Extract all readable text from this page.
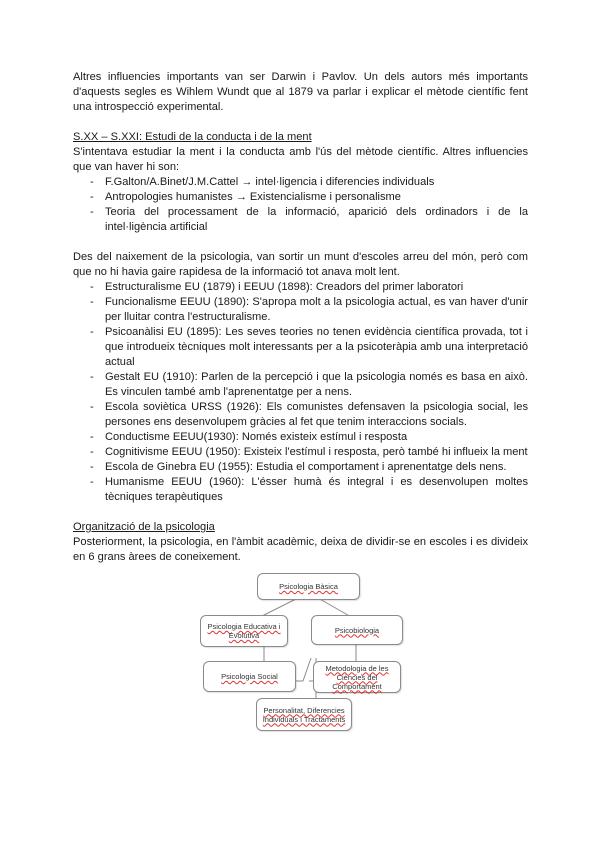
Altres influencies importants van ser Darwin i Pavlov. Un dels autors més importants d'aquests segles es Wihlem Wundt que al 1879 va parlar i explicar el mètode científic fent una introspecció experimental.

S.XX – S.XXI: Estudi de la conducta i de la ment

S'intentava estudiar la ment i la conducta amb l'ús del mètode científic. Altres influencies que van haver hi son:

- F.Galton/A.Binet/J.M.Cattel → intel·ligencia i diferencies individuals
- Antropologies humanistes → Existencialisme i personalisme
- Teoria del processament de la informació, aparició dels ordinadors i de la intel·ligència artificial

Des del naixement de la psicologia, van sortir un munt d'escoles arreu del món, però com que no hi havia gaire rapidesa de la informació tot anava molt lent.

- Estructuralisme EU (1879) i EEUU (1898): Creadors del primer laboratori
- Funcionalisme EEUU (1890): S'apropa molt a la psicologia actual, es van haver d'unir per lluitar contra l'estructuralisme.
- Psicoanàlisi EU (1895): Les seves teories no tenen evidència científica provada, tot i que introdueix tècniques molt interessants per a la psicoteràpia amb una interpretació actual
- Gestalt EU (1910): Parlen de la percepció i que la psicologia només es basa en això. Es vinculen també amb l'aprenentatge per a nens.
- Escola soviètica URSS (1926): Els comunistes defensaven la psicologia social, les persones ens desenvolupem gràcies al fet que tenim interaccions socials.
- Conductisme EEUU(1930): Només existeix estímul i resposta
- Cognitivisme EEUU (1950): Existeix l'estímul i resposta, però també hi influeix la ment
- Escola de Ginebra EU (1955): Estudia el comportament i aprenentatge dels nens.
- Humanisme EEUU (1960): L'ésser humà és integral i es desenvolupen moltes tècniques terapèutiques

Organització de la psicologia

Posteriorment, la psicologia, en l'àmbit acadèmic, deixa de dividir-se en escoles i es divideix en 6 grans àrees de coneixement.

Psicologia Bàsica
Psicologia Educativa i Evolutiva
Psicobiologia
Psicologia Social
Metodologia de les Ciències del Comportament
Personalitat, Diferencies Individuals i Tractaments
